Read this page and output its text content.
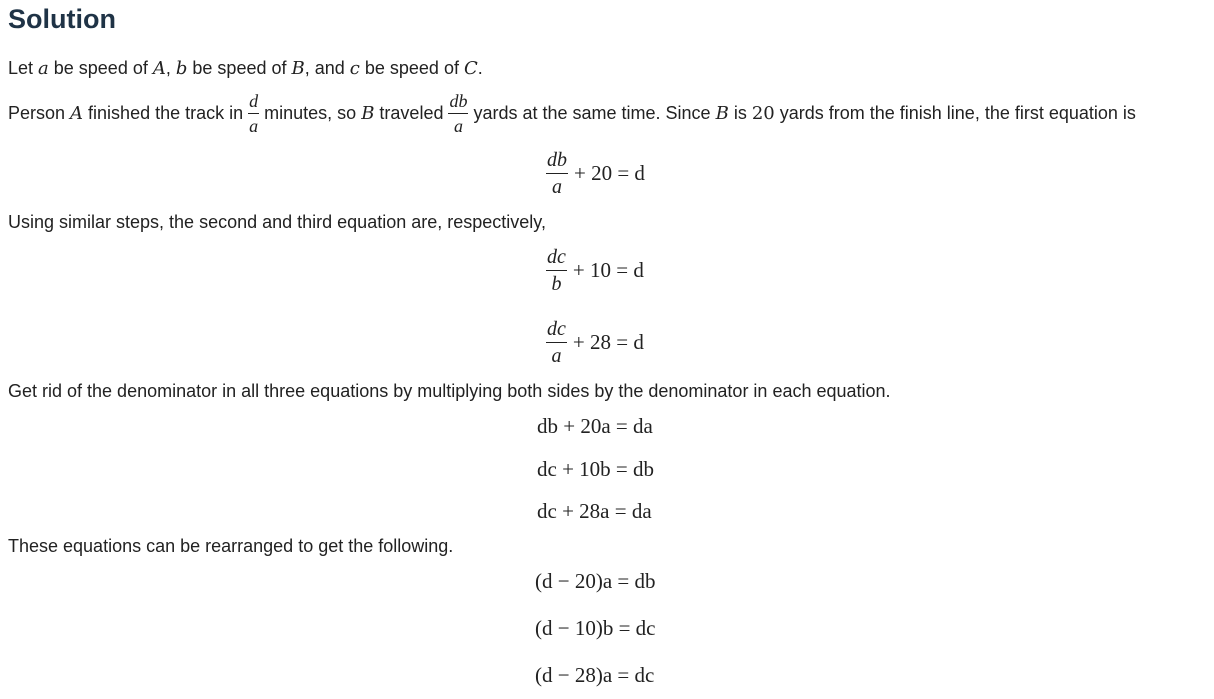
Solution
Let a be speed of A, b be speed of B, and c be speed of C.
Person A finished the track in $\frac{d}{a}$ minutes, so B traveled $\frac{db}{a}$ yards at the same time. Since B is 20 yards from the finish line, the first equation is
$\frac{db}{a} + 20 = d$
Using similar steps, the second and third equation are, respectively,
$\frac{dc}{b} + 10 = d$
$\frac{dc}{a} + 28 = d$
Get rid of the denominator in all three equations by multiplying both sides by the denominator in each equation.
db + 20a = da
dc + 10b = db
dc + 28a = da
These equations can be rearranged to get the following.
(d − 20)a = db
(d − 10)b = dc
(d − 28)a = dc
